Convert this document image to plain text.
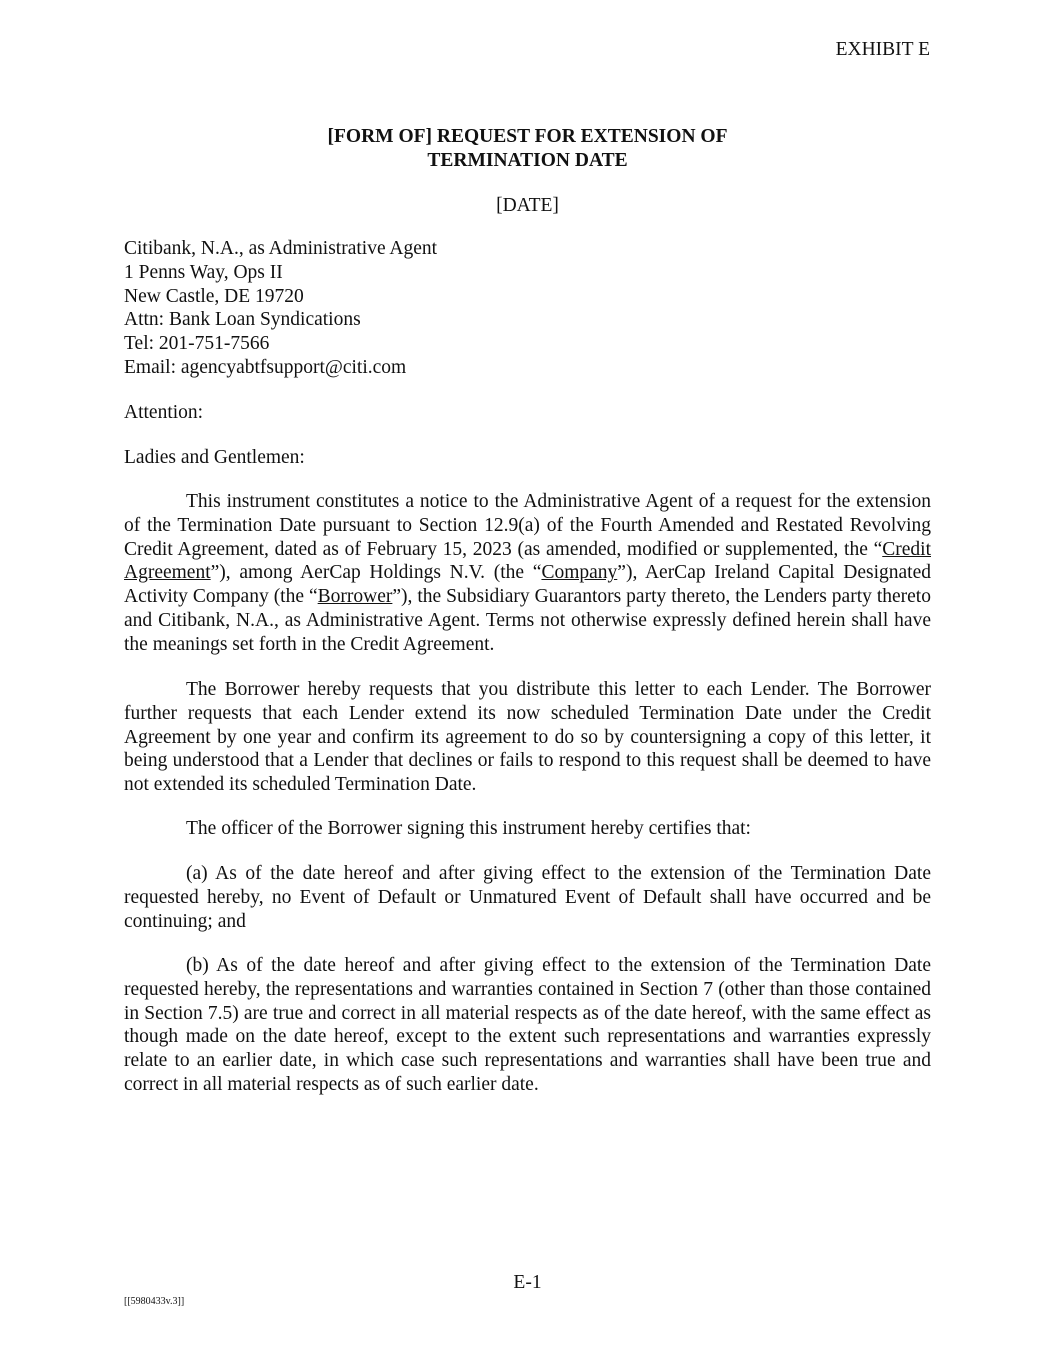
EXHIBIT E
[FORM OF] REQUEST FOR EXTENSION OF
TERMINATION DATE
[DATE]
Citibank, N.A., as Administrative Agent
1 Penns Way, Ops II
New Castle, DE 19720
Attn: Bank Loan Syndications
Tel: 201-751-7566
Email: agencyabtfsupport@citi.com
Attention:
Ladies and Gentlemen:
This instrument constitutes a notice to the Administrative Agent of a request for the extension of the Termination Date pursuant to Section 12.9(a) of the Fourth Amended and Restated Revolving Credit Agreement, dated as of February 15, 2023 (as amended, modified or supplemented, the “Credit Agreement”), among AerCap Holdings N.V. (the “Company”), AerCap Ireland Capital Designated Activity Company (the “Borrower”), the Subsidiary Guarantors party thereto, the Lenders party thereto and Citibank, N.A., as Administrative Agent. Terms not otherwise expressly defined herein shall have the meanings set forth in the Credit Agreement.
The Borrower hereby requests that you distribute this letter to each Lender. The Borrower further requests that each Lender extend its now scheduled Termination Date under the Credit Agreement by one year and confirm its agreement to do so by countersigning a copy of this letter, it being understood that a Lender that declines or fails to respond to this request shall be deemed to have not extended its scheduled Termination Date.
The officer of the Borrower signing this instrument hereby certifies that:
(a) As of the date hereof and after giving effect to the extension of the Termination Date requested hereby, no Event of Default or Unmatured Event of Default shall have occurred and be continuing; and
(b) As of the date hereof and after giving effect to the extension of the Termination Date requested hereby, the representations and warranties contained in Section 7 (other than those contained in Section 7.5) are true and correct in all material respects as of the date hereof, with the same effect as though made on the date hereof, except to the extent such representations and warranties expressly relate to an earlier date, in which case such representations and warranties shall have been true and correct in all material respects as of such earlier date.
E-1
[[5980433v.3]]
